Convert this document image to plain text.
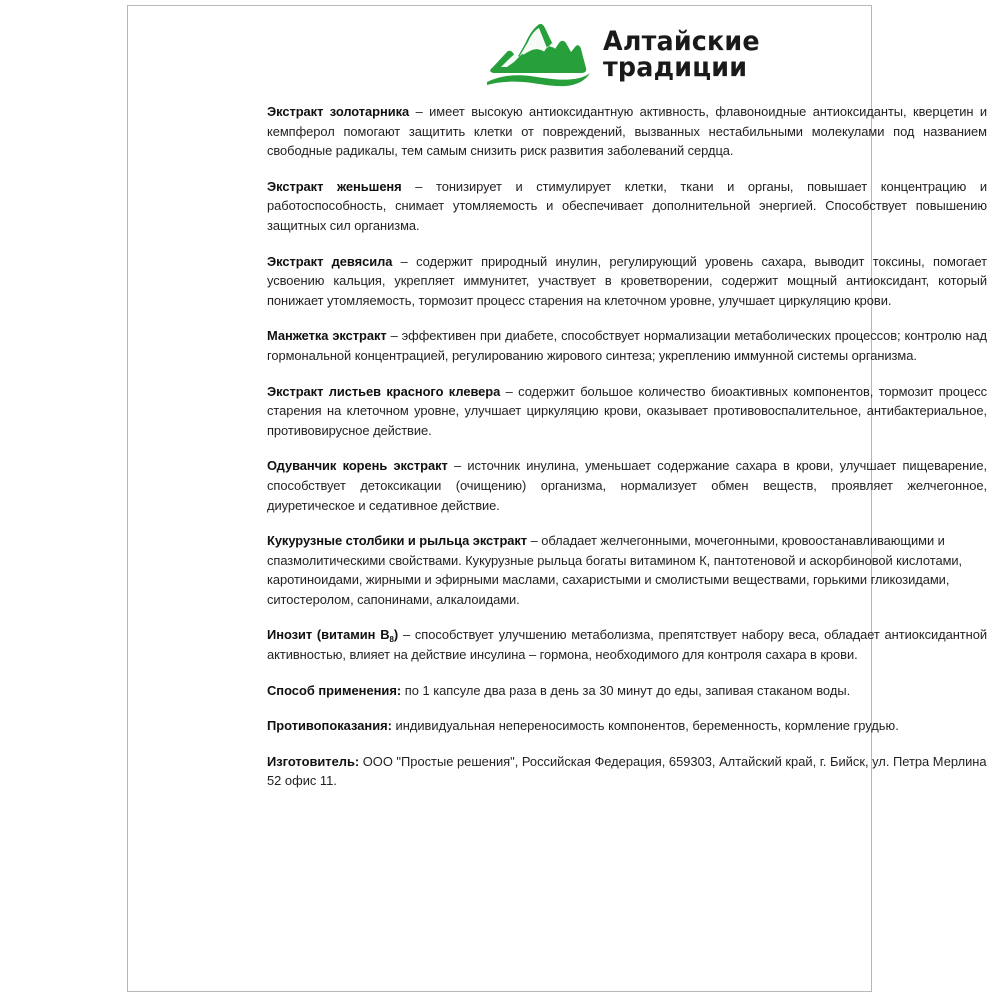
Алтайские
традиции

Экстракт золотарника – имеет высокую антиоксидантную активность, флавоноидные антиоксиданты, кверцетин и кемпферол помогают защитить клетки от повреждений, вызванных нестабильными молекулами под названием свободные радикалы, тем самым снизить риск развития заболеваний сердца.

Экстракт женьшеня – тонизирует и стимулирует клетки, ткани и органы, повышает концентрацию и работоспособность, снимает утомляемость и обеспечивает дополнительной энергией. Способствует повышению защитных сил организма.

Экстракт девясила – содержит природный инулин, регулирующий уровень сахара, выводит токсины, помогает усвоению кальция, укрепляет иммунитет, участвует в кроветворении, содержит мощный антиоксидант, который понижает утомляемость, тормозит процесс старения на клеточном уровне, улучшает циркуляцию крови.

Манжетка экстракт – эффективен при диабете, способствует нормализации метаболических процессов; контролю над гормональной концентрацией, регулированию жирового синтеза; укреплению иммунной системы организма.

Экстракт листьев красного клевера – содержит большое количество биоактивных компонентов, тормозит процесс старения на клеточном уровне, улучшает циркуляцию крови, оказывает противовоспалительное, антибактериальное, противовирусное действие.

Одуванчик корень экстракт – источник инулина, уменьшает содержание сахара в крови, улучшает пищеварение, способствует детоксикации (очищению) организма, нормализует обмен веществ, проявляет желчегонное, диуретическое и седативное действие.

Кукурузные столбики и рыльца экстракт – обладает желчегонными, мочегонными, кровоостанавливающими и спазмолитическими свойствами. Кукурузные рыльца богаты витамином К, пантотеновой и аскорбиновой кислотами, каротиноидами, жирными и эфирными маслами, сахаристыми и смолистыми веществами, горькими гликозидами, ситостеролом, сапонинами, алкалоидами.

Инозит (витамин $B_8$) – способствует улучшению метаболизма, препятствует набору веса, обладает антиоксидантной активностью, влияет на действие инсулина – гормона, необходимого для контроля сахара в крови.

Способ применения: по 1 капсуле два раза в день за 30 минут до еды, запивая стаканом воды.

Противопоказания: индивидуальная непереносимость компонентов, беременность, кормление грудью.

Изготовитель: ООО "Простые решения", Российская Федерация, 659303, Алтайский край, г. Бийск, ул. Петра Мерлина 52 офис 11.
